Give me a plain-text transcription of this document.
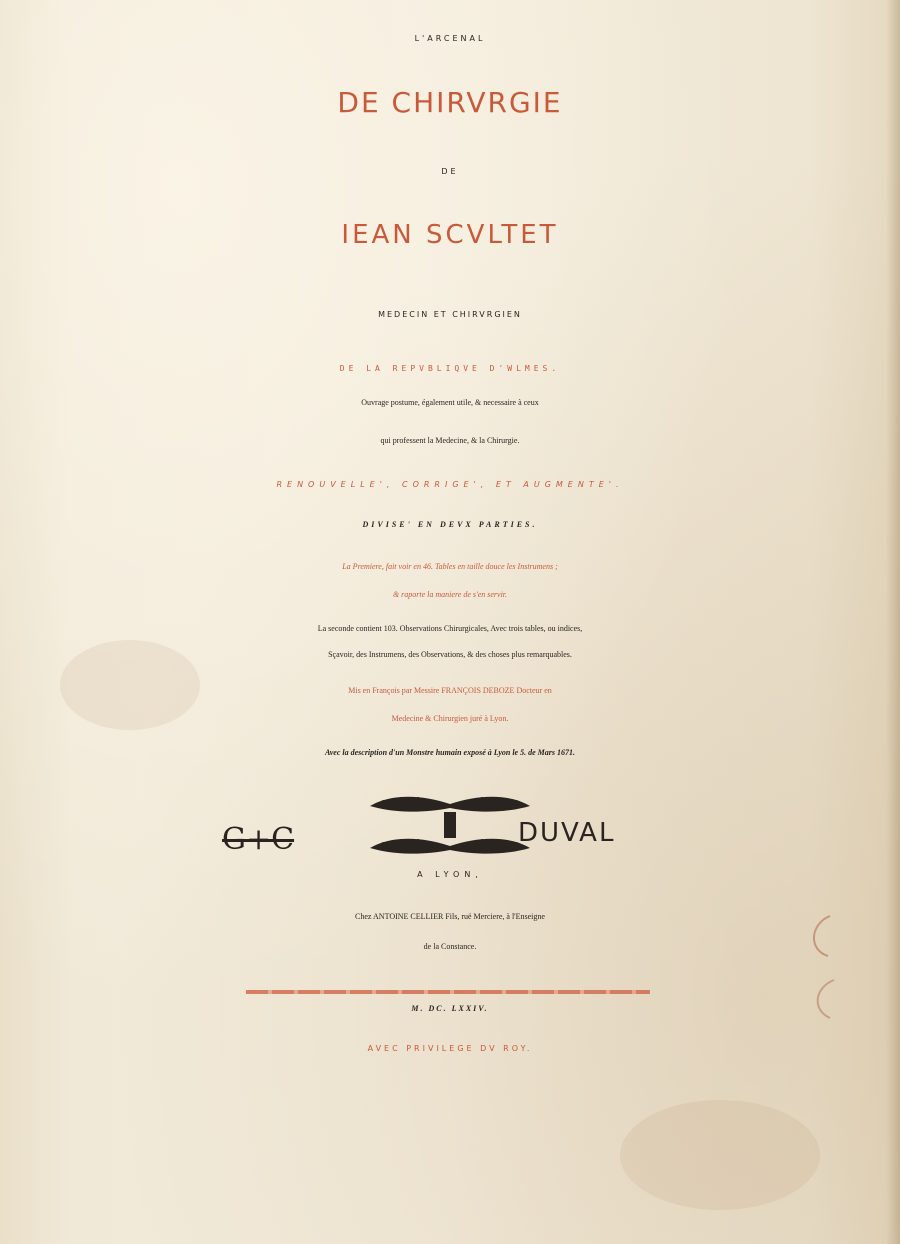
L'ARCENAL

DE CHIRVRGIE

DE

IEAN SCVLTET

MEDECIN ET CHIRVRGIEN

DE LA REPVBLIQVE D'WLMES.

Ouvrage postume, également utile, & necessaire à ceux

qui professent la Medecine, & la Chirurgie.

RENOUVELLE', CORRIGE', ET AUGMENTE'.

DIVISE' EN DEVX PARTIES.

La Premiere, fait voir en 46. Tables en taille douce les Instrumens ;

& raporte la maniere de s'en servir.

La seconde contient 103. Observations Chirurgicales, Avec trois tables, ou indices,

Sçavoir, des Instrumens, des Observations, & des choses plus remarquables.

Mis en François par Messire FRANÇOIS DEBOZE Docteur en

Medecine & Chirurgien juré à Lyon.

Avec la description d'un Monstre humain exposé à Lyon le 5. de Mars 1671.

G+C	DUVAL

A LYON,

Chez ANTOINE CELLIER Fils, ruë Merciere, à l'Enseigne

de la Constance.

M. DC. LXXIV.

AVEC PRIVILEGE DV ROY.
